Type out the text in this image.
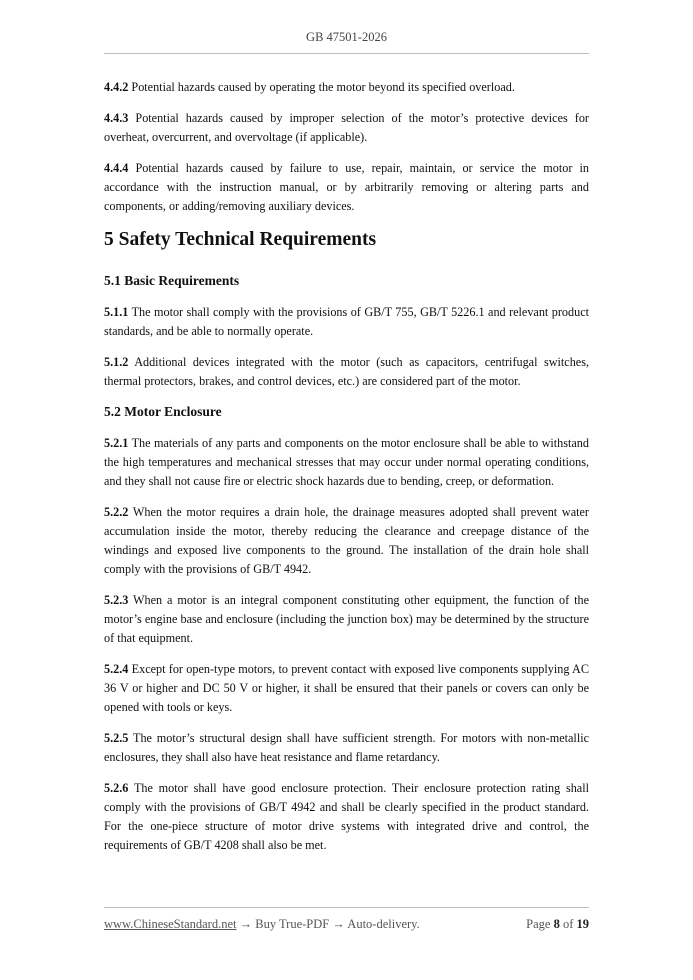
GB 47501-2026

4.4.2 Potential hazards caused by operating the motor beyond its specified overload.

4.4.3 Potential hazards caused by improper selection of the motor’s protective devices for overheat, overcurrent, and overvoltage (if applicable).

4.4.4 Potential hazards caused by failure to use, repair, maintain, or service the motor in accordance with the instruction manual, or by arbitrarily removing or altering parts and components, or adding/removing auxiliary devices.

5 Safety Technical Requirements
5.1 Basic Requirements

5.1.1 The motor shall comply with the provisions of GB/T 755, GB/T 5226.1 and relevant product standards, and be able to normally operate.

5.1.2 Additional devices integrated with the motor (such as capacitors, centrifugal switches, thermal protectors, brakes, and control devices, etc.) are considered part of the motor.

5.2 Motor Enclosure

5.2.1 The materials of any parts and components on the motor enclosure shall be able to withstand the high temperatures and mechanical stresses that may occur under normal operating conditions, and they shall not cause fire or electric shock hazards due to bending, creep, or deformation.

5.2.2 When the motor requires a drain hole, the drainage measures adopted shall prevent water accumulation inside the motor, thereby reducing the clearance and creepage distance of the windings and exposed live components to the ground. The installation of the drain hole shall comply with the provisions of GB/T 4942.

5.2.3 When a motor is an integral component constituting other equipment, the function of the motor’s engine base and enclosure (including the junction box) may be determined by the structure of that equipment.

5.2.4 Except for open-type motors, to prevent contact with exposed live components supplying AC 36 V or higher and DC 50 V or higher, it shall be ensured that their panels or covers can only be opened with tools or keys.

5.2.5 The motor’s structural design shall have sufficient strength. For motors with non-metallic enclosures, they shall also have heat resistance and flame retardancy.

5.2.6 The motor shall have good enclosure protection. Their enclosure protection rating shall comply with the provisions of GB/T 4942 and shall be clearly specified in the product standard. For the one-piece structure of motor drive systems with integrated drive and control, the requirements of GB/T 4208 shall also be met.

www.ChineseStandard.net → Buy True-PDF → Auto-delivery.	Page 8 of 19
